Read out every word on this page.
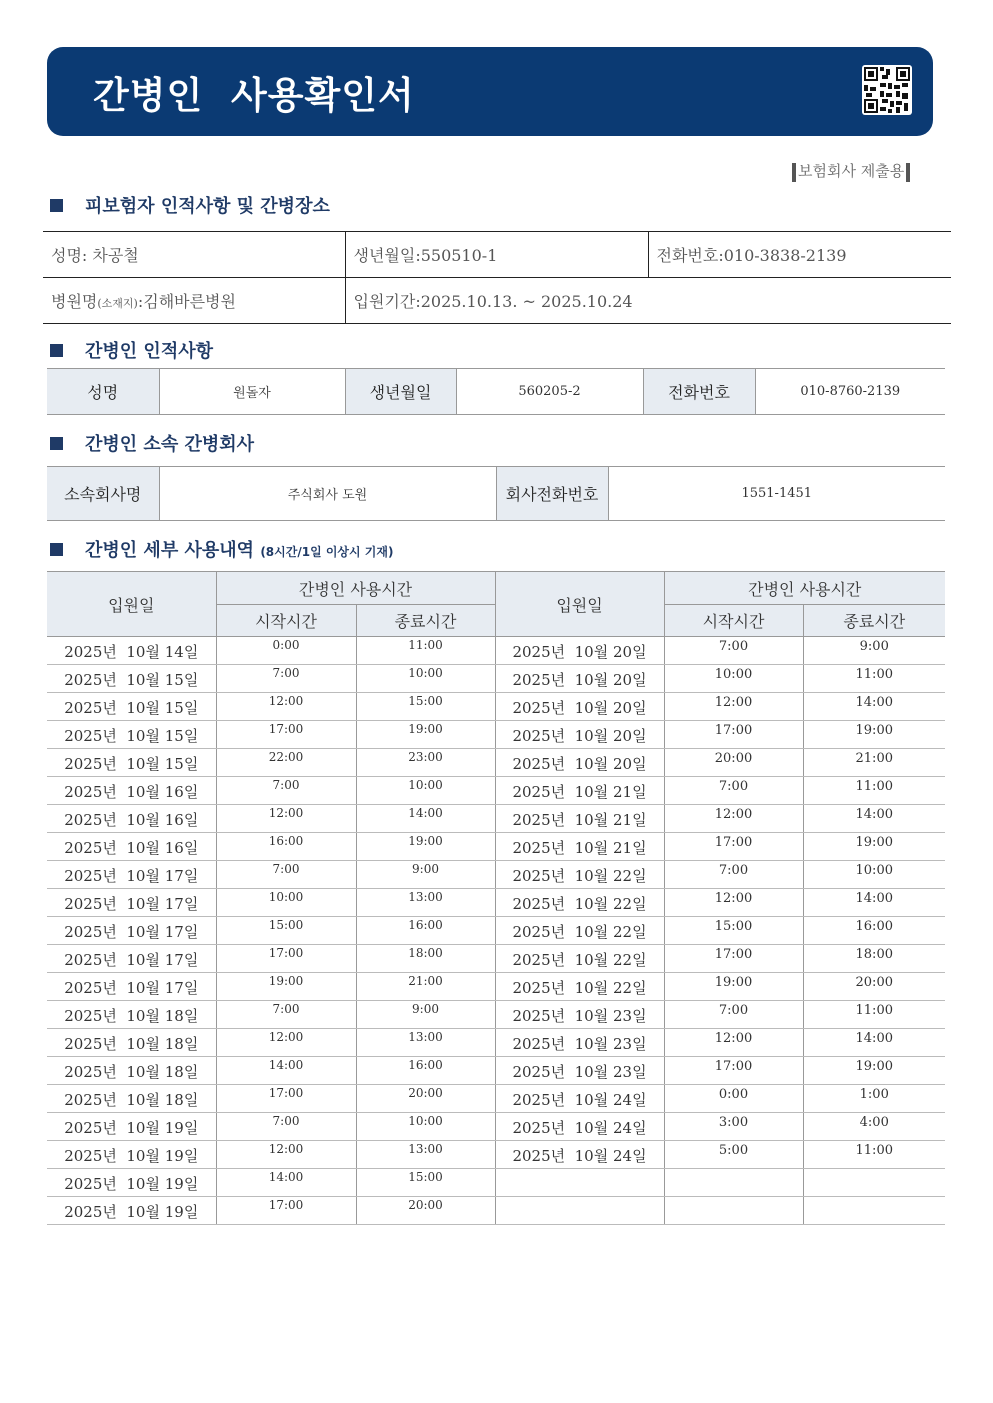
간병인  사용확인서
보험회사 제출용
피보험자 인적사항 및 간병장소
성명: 차공철	생년월일:550510-1	전화번호:010-3838-2139
병원명(소재지):김해바른병원	입원기간:2025.10.13. ~ 2025.10.24	
간병인 인적사항
성명	원돌자	생년월일	560205-2	전화번호	010-8760-2139
간병인 소속 간병회사
소속회사명	주식회사 도원	회사전화번호	1551-1451
간병인 세부 사용내역 (8시간/1일 이상시 기재)
입원일	간병인 사용시간		입원일	간병인 사용시간	
	시작시간	종료시간		시작시간	종료시간
2025년  10월 14일	0:00	11:00	2025년  10월 20일	7:00	9:00
2025년  10월 15일	7:00	10:00	2025년  10월 20일	10:00	11:00
2025년  10월 15일	12:00	15:00	2025년  10월 20일	12:00	14:00
2025년  10월 15일	17:00	19:00	2025년  10월 20일	17:00	19:00
2025년  10월 15일	22:00	23:00	2025년  10월 20일	20:00	21:00
2025년  10월 16일	7:00	10:00	2025년  10월 21일	7:00	11:00
2025년  10월 16일	12:00	14:00	2025년  10월 21일	12:00	14:00
2025년  10월 16일	16:00	19:00	2025년  10월 21일	17:00	19:00
2025년  10월 17일	7:00	9:00	2025년  10월 22일	7:00	10:00
2025년  10월 17일	10:00	13:00	2025년  10월 22일	12:00	14:00
2025년  10월 17일	15:00	16:00	2025년  10월 22일	15:00	16:00
2025년  10월 17일	17:00	18:00	2025년  10월 22일	17:00	18:00
2025년  10월 17일	19:00	21:00	2025년  10월 22일	19:00	20:00
2025년  10월 18일	7:00	9:00	2025년  10월 23일	7:00	11:00
2025년  10월 18일	12:00	13:00	2025년  10월 23일	12:00	14:00
2025년  10월 18일	14:00	16:00	2025년  10월 23일	17:00	19:00
2025년  10월 18일	17:00	20:00	2025년  10월 24일	0:00	1:00
2025년  10월 19일	7:00	10:00	2025년  10월 24일	3:00	4:00
2025년  10월 19일	12:00	13:00	2025년  10월 24일	5:00	11:00
2025년  10월 19일	14:00	15:00			
2025년  10월 19일	17:00	20:00			
